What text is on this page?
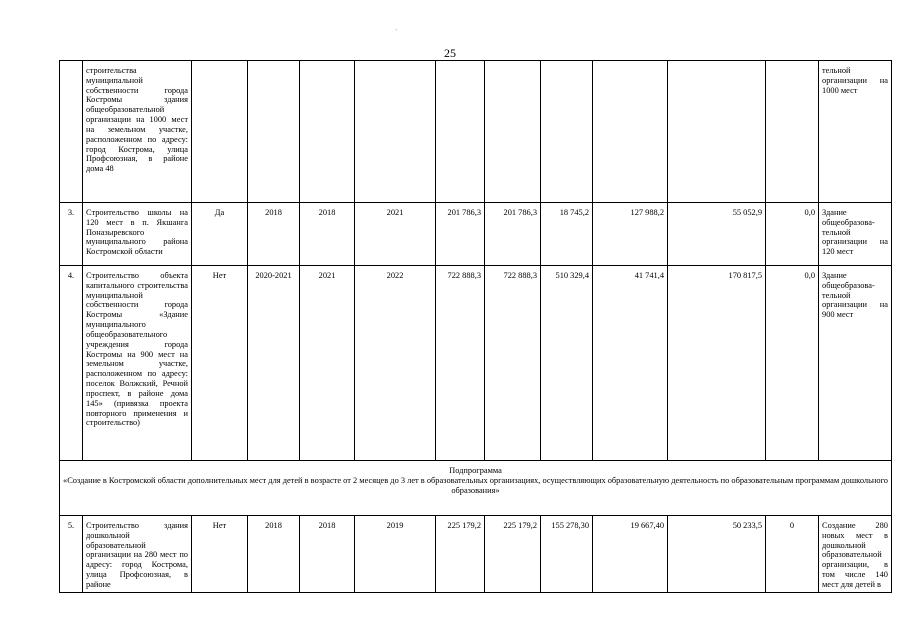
`
25
	строительства муниципальной собственности города Костромы здания общеобразовательной организации на 1000 мест на земельном участке, расположенном по адресу: город Кострома, улица Профсоюзная, в районе дома 48											тельной организации на 1000 мест
3.	Строительство школы на 120 мест в п. Якшанга Поназыревского муниципального района Костромской области	Да	2018	2018	2021	201 786,3	201 786,3	18 745,2	127 988,2	55 052,9	0,0	Здание общеобразова-тельной организации на 120 мест
4.	Строительство объекта капитального строительства муниципальной собственности города Костромы «Здание муниципального общеобразовательного учреждения города Костромы на 900 мест на земельном участке, расположенном по адресу: поселок Волжский, Речной проспект, в районе дома 145» (привязка проекта повторного применения и строительство)	Нет	2020-2021	2021	2022	722 888,3	722 888,3	510 329,4	41 741,4	170 817,5	0,0	Здание общеобразова-тельной организации на 900 мест

Подпрограмма
«Создание в Костромской области дополнительных мест для детей в возрасте от 2 месяцев до 3 лет в образовательных организациях, осуществляющих образовательную деятельность по образовательным программам дошкольного образования»												

5.	Строительство здания дошкольной образовательной организации на 280 мест по адресу: город Кострома, улица Профсоюзная, в районе	Нет	2018	2018	2019	225 179,2	225 179,2	155 278,30	19 667,40	50 233,5	0	Создание 280 новых мест в дошкольной образовательной организации, в том числе 140 мест для детей в
